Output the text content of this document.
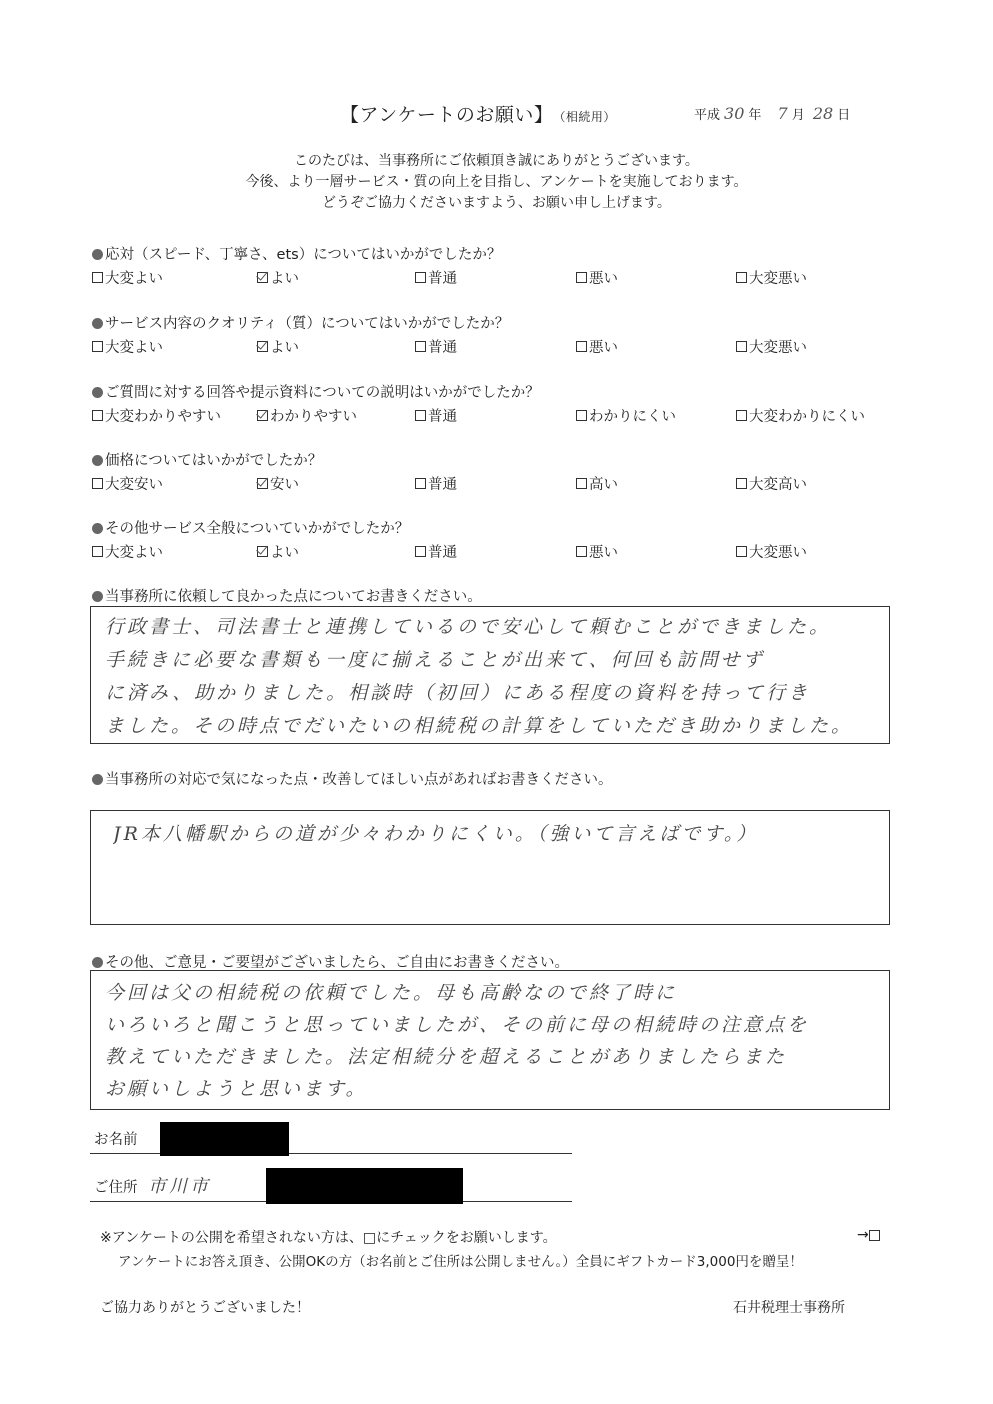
【アンケートのお願い】 （相続用）	平成 30 年 7 月 28 日
このたびは、当事務所にご依頼頂き誠にありがとうございます。
今後、より一層サービス・質の向上を目指し、アンケートを実施しております。
どうぞご協力くださいますよう、お願い申し上げます。
応対（スピード、丁寧さ、ets）についてはいかがでしたか？
大変よい	よい	普通	悪い	大変悪い
サービス内容のクオリティ（質）についてはいかがでしたか？
大変よい	よい	普通	悪い	大変悪い
ご質問に対する回答や提示資料についての説明はいかがでしたか？
大変わかりやすい	わかりやすい	普通	わかりにくい	大変わかりにくい
価格についてはいかがでしたか？
大変安い	安い	普通	高い	大変高い
その他サービス全般についていかがでしたか？
大変よい	よい	普通	悪い	大変悪い
当事務所に依頼して良かった点についてお書きください。
行政書士、司法書士と連携しているので安心して頼むことができました。
手続きに必要な書類も一度に揃えることが出来て、何回も訪問せず
に済み、助かりました。相談時（初回）にある程度の資料を持って行き
ました。その時点でだいたいの相続税の計算をしていただき助かりました。
当事務所の対応で気になった点・改善してほしい点があればお書きください。
JR本八幡駅からの道が少々わかりにくい。（強いて言えばです。）
その他、ご意見・ご要望がございましたら、ご自由にお書きください。
今回は父の相続税の依頼でした。母も高齢なので終了時に
いろいろと聞こうと思っていましたが、その前に母の相続時の注意点を
教えていただきました。法定相続分を超えることがありましたらまた
お願いしようと思います。
お名前
ご住所 市川市
※アンケートの公開を希望されない方は、□にチェックをお願いします。	→
アンケートにお答え頂き、公開OKの方（お名前とご住所は公開しません。）全員にギフトカード3,000円を贈呈！
ご協力ありがとうございました！	石井税理士事務所
